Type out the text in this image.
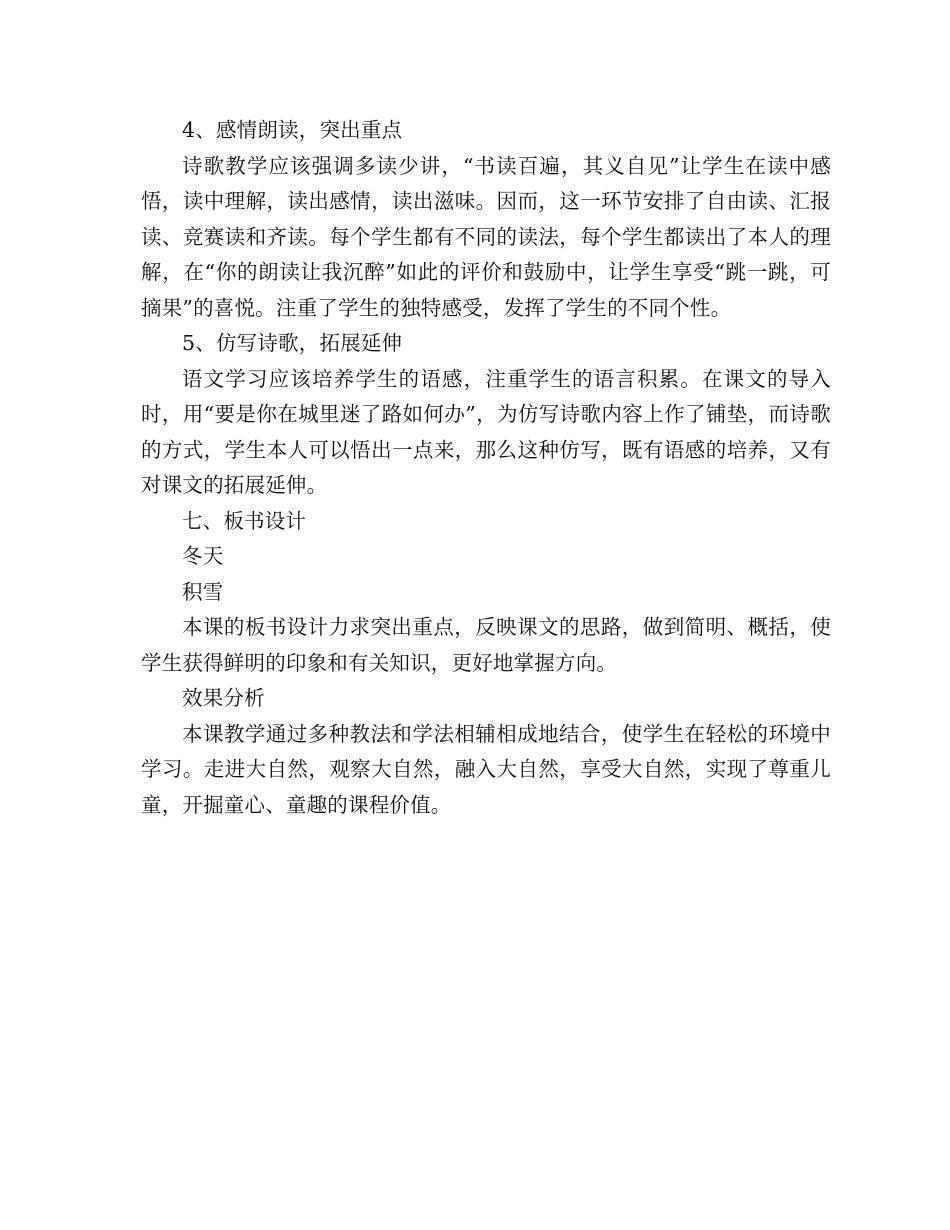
4、感情朗读，突出重点

诗歌教学应该强调多读少讲，“书读百遍，其义自见”让学生在读中感悟，读中理解，读出感情，读出滋味。因而，这一环节安排了自由读、汇报读、竞赛读和齐读。每个学生都有不同的读法，每个学生都读出了本人的理解，在“你的朗读让我沉醉”如此的评价和鼓励中，让学生享受“跳一跳，可摘果”的喜悦。注重了学生的独特感受，发挥了学生的不同个性。

5、仿写诗歌，拓展延伸

语文学习应该培养学生的语感，注重学生的语言积累。在课文的导入时，用“要是你在城里迷了路如何办”，为仿写诗歌内容上作了铺垫，而诗歌的方式，学生本人可以悟出一点来，那么这种仿写，既有语感的培养，又有对课文的拓展延伸。

七、板书设计

冬天

积雪

本课的板书设计力求突出重点，反映课文的思路，做到简明、概括，使学生获得鲜明的印象和有关知识，更好地掌握方向。

效果分析

本课教学通过多种教法和学法相辅相成地结合，使学生在轻松的环境中学习。走进大自然，观察大自然，融入大自然，享受大自然，实现了尊重儿童，开掘童心、童趣的课程价值。
